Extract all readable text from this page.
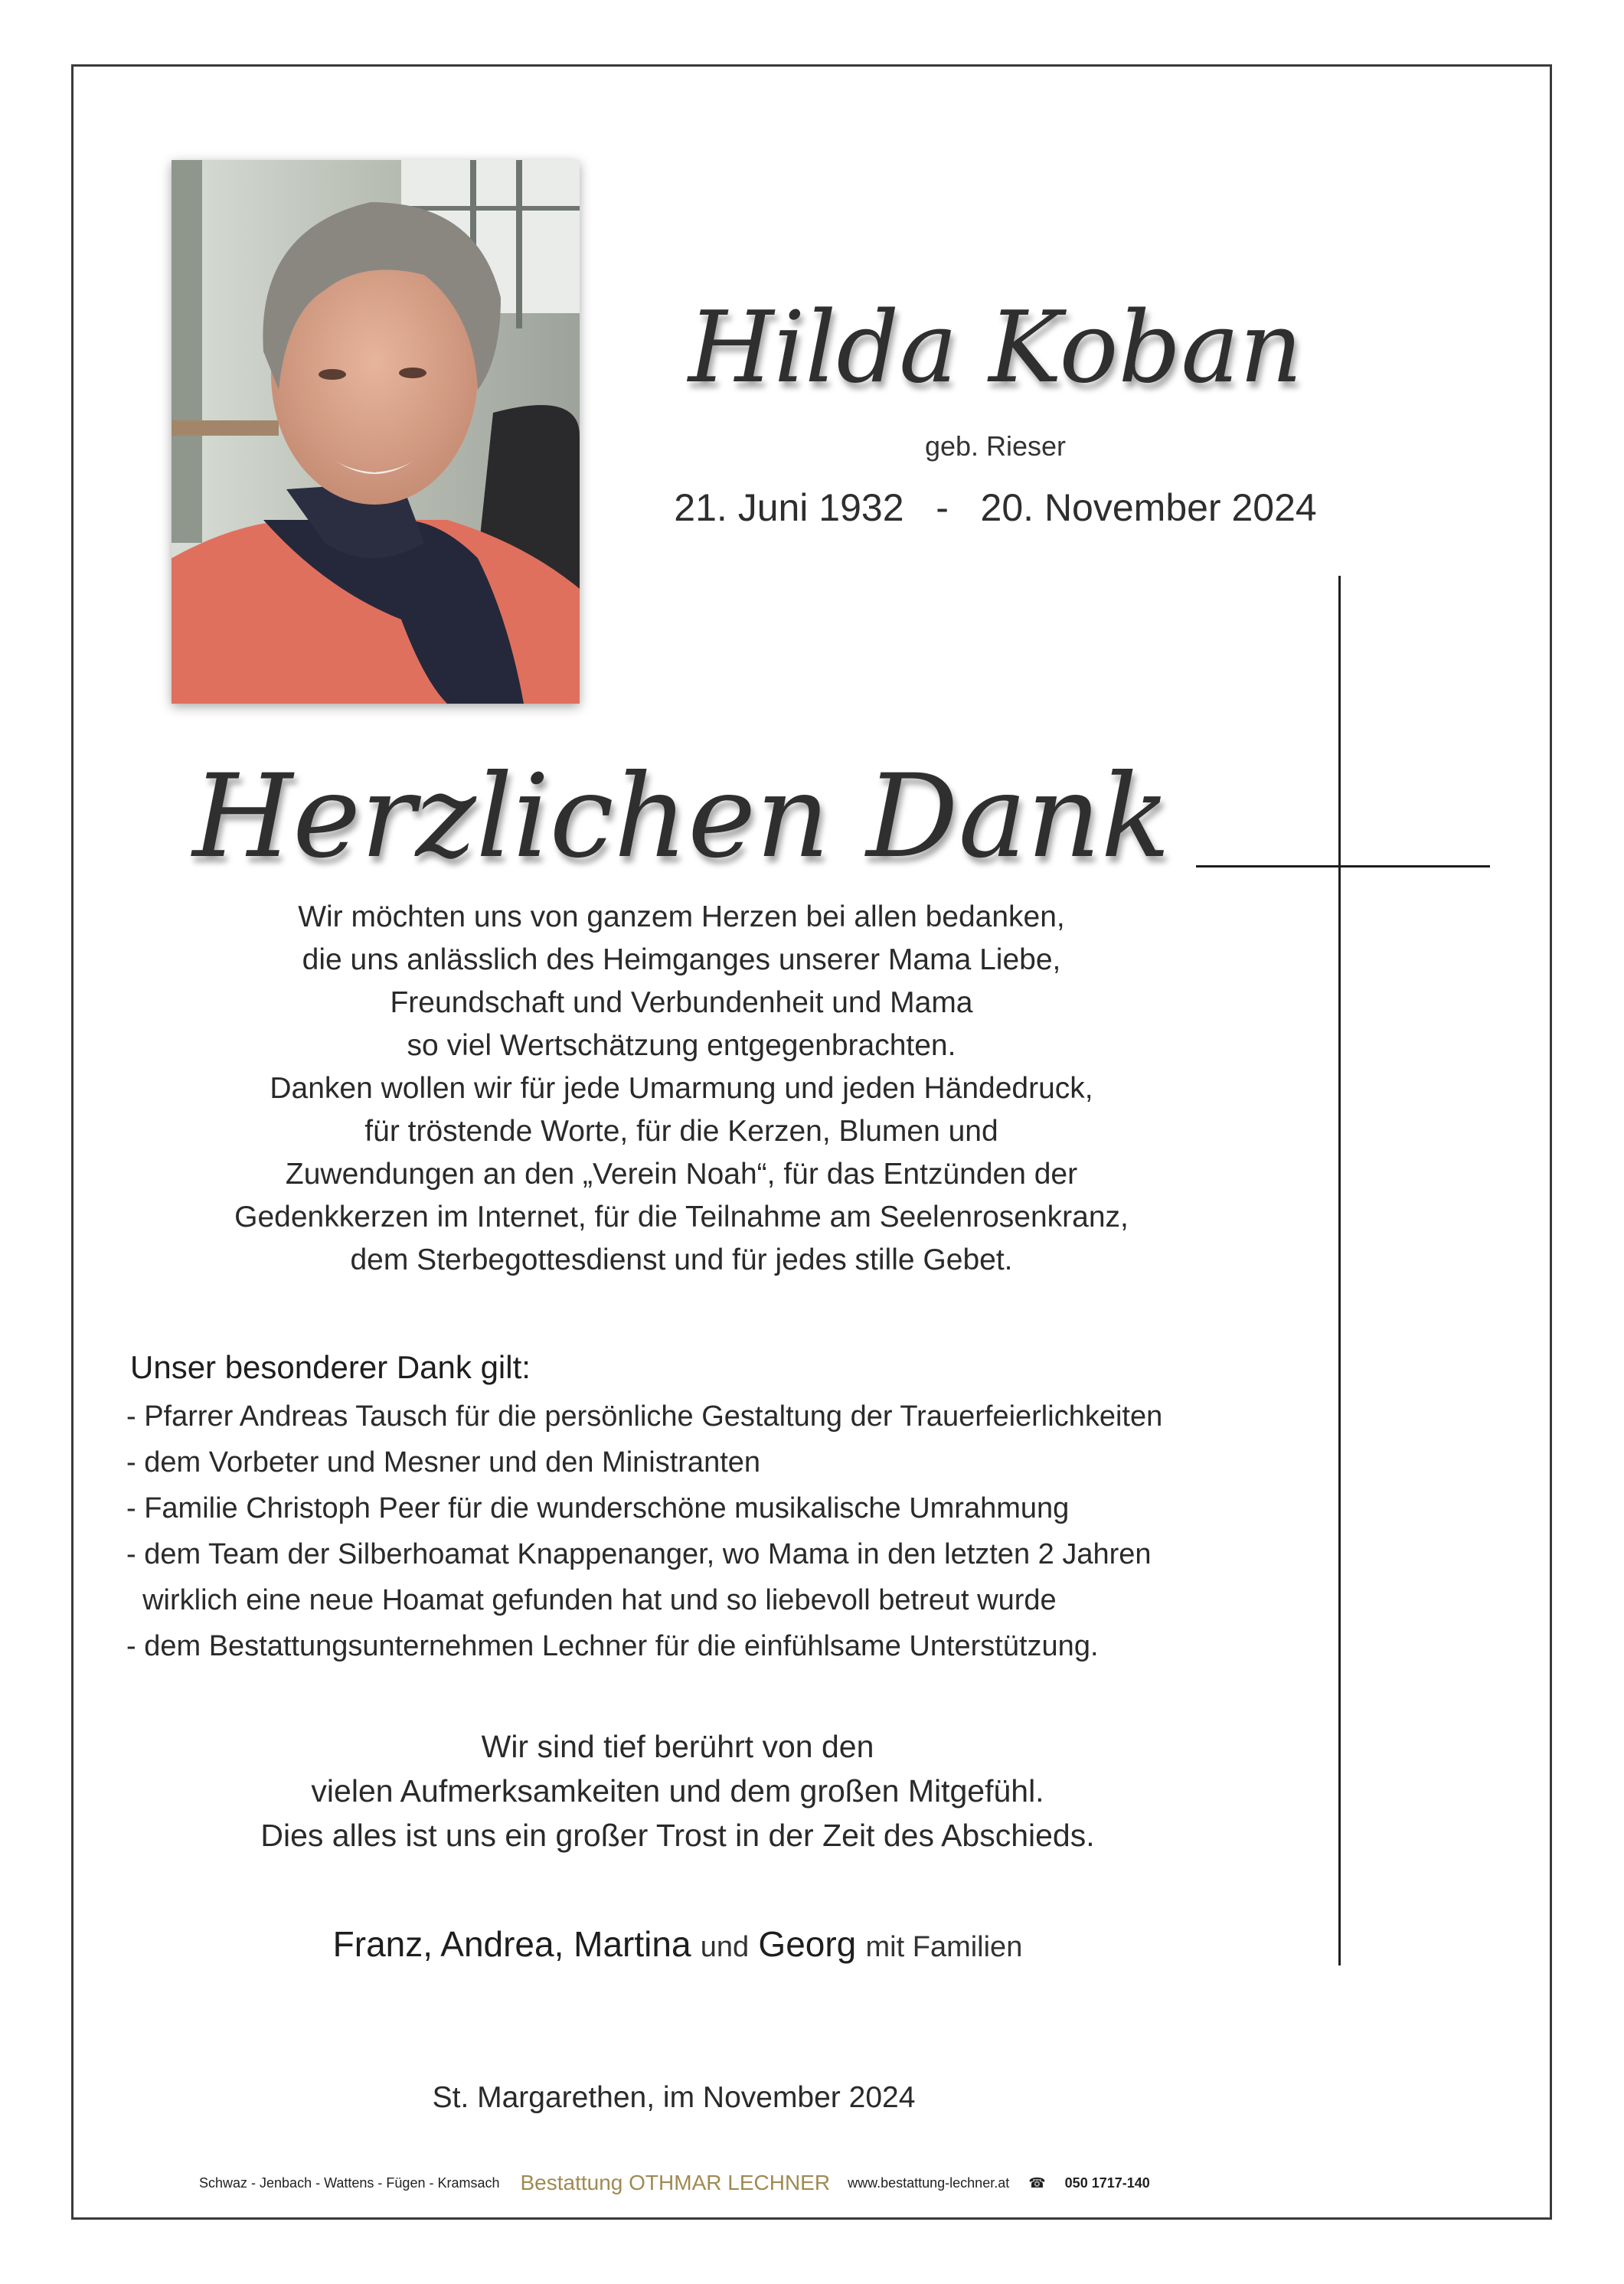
Hilda Koban
geb. Rieser
21. Juni 1932   -   20. November 2024
Herzlichen Dank
Wir möchten uns von ganzem Herzen bei allen bedanken,
die uns anlässlich des Heimganges unserer Mama Liebe,
Freundschaft und Verbundenheit und Mama
so viel Wertschätzung entgegenbrachten.
Danken wollen wir für jede Umarmung und jeden Händedruck,
für tröstende Worte, für die Kerzen, Blumen und
Zuwendungen an den „Verein Noah“, für das Entzünden der
Gedenkkerzen im Internet, für die Teilnahme am Seelenrosenkranz,
dem Sterbegottesdienst und für jedes stille Gebet.
Unser besonderer Dank gilt:
- Pfarrer Andreas Tausch für die persönliche Gestaltung der Trauerfeierlichkeiten
- dem Vorbeter und Mesner und den Ministranten
- Familie Christoph Peer für die wunderschöne musikalische Umrahmung
- dem Team der Silberhoamat Knappenanger, wo Mama in den letzten 2 Jahren
wirklich eine neue Hoamat gefunden hat und so liebevoll betreut wurde
- dem Bestattungsunternehmen Lechner für die einfühlsame Unterstützung.
Wir sind tief berührt von den
vielen Aufmerksamkeiten und dem großen Mitgefühl.
Dies alles ist uns ein großer Trost in der Zeit des Abschieds.
Franz, Andrea, Martina und Georg mit Familien
St. Margarethen, im November 2024
Schwaz - Jenbach - Wattens - Fügen - Kramsach Bestattung OTHMAR LECHNER www.bestattung-lechner.at ☎ 050 1717-140
